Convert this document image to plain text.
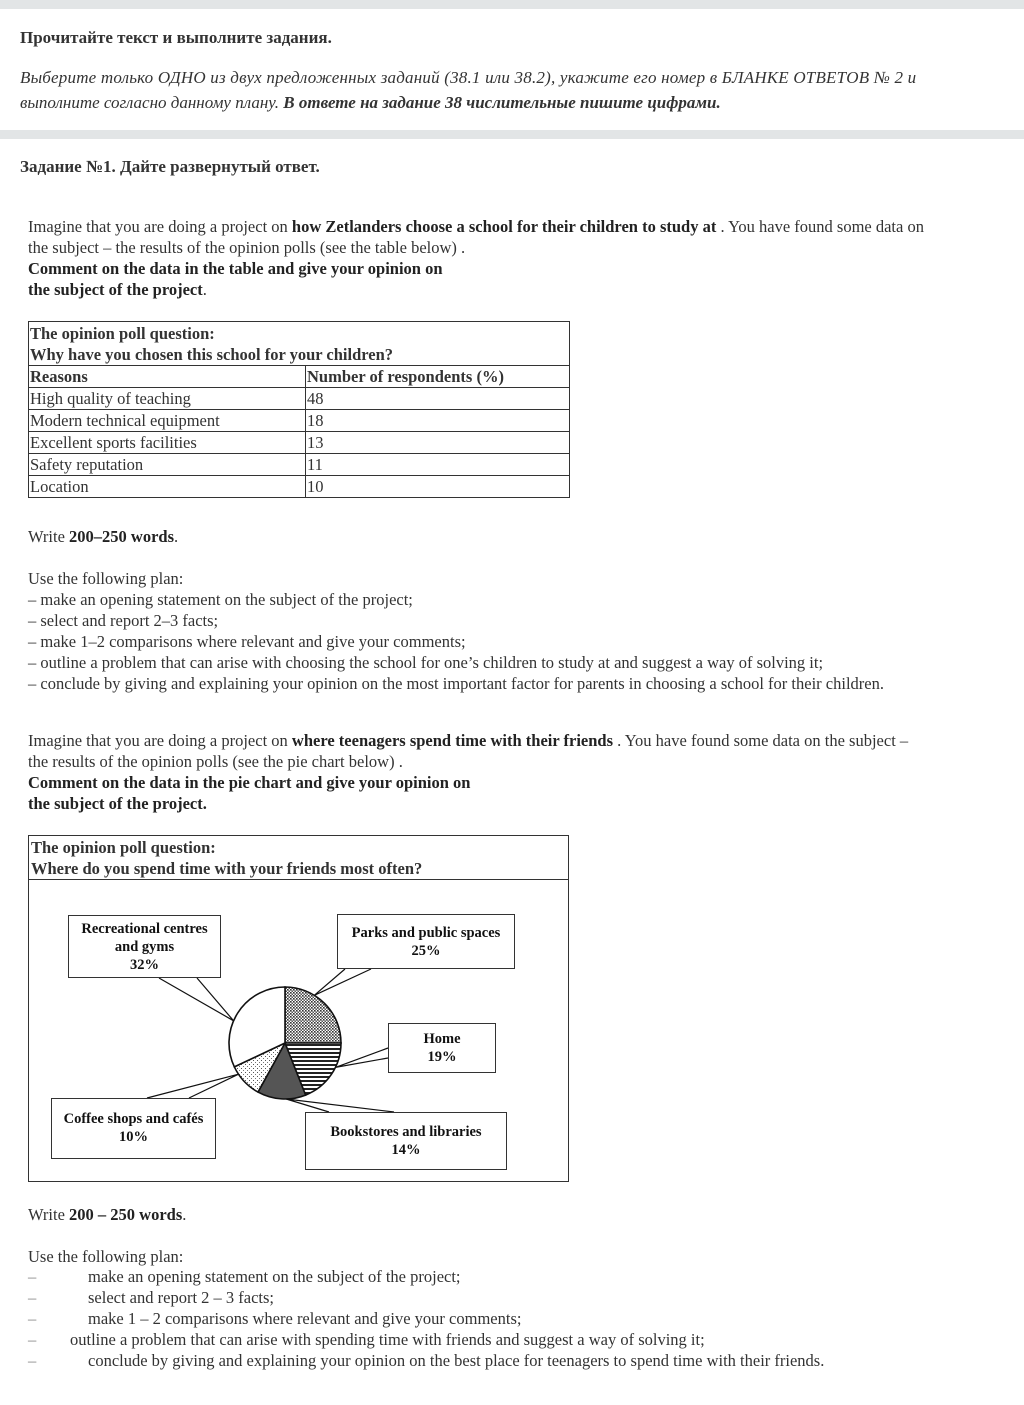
Прочитайте текст и выполните задания.
Выберите только ОДНО из двух предложенных заданий (38.1 или 38.2), укажите его номер в БЛАНКЕ ОТВЕТОВ № 2 и
выполните согласно данному плану. В ответе на задание 38 числительные пишите цифрами.
Задание №1. Дайте развернутый ответ.
Imagine that you are doing a project on how Zetlanders choose a school for their children to study at . You have found some data on
the subject – the results of the opinion polls (see the table below) .
Comment on the data in the table and give your opinion on
the subject of the project.
The opinion poll question:
Why have you chosen this school for your children?	

Reasons	Number of respondents (%)
High quality of teaching	48
Modern technical equipment	18
Excellent sports facilities	13
Safety reputation	11
Location	10
Write 200–250 words.
Use the following plan:
– make an opening statement on the subject of the project;
– select and report 2–3 facts;
– make 1–2 comparisons where relevant and give your comments;
– outline a problem that can arise with choosing the school for one’s children to study at and suggest a way of solving it;
– conclude by giving and explaining your opinion on the most important factor for parents in choosing a school for their children.
Imagine that you are doing a project on where teenagers spend time with their friends . You have found some data on the subject –
the results of the opinion polls (see the pie chart below) .
Comment on the data in the pie chart and give your opinion on
the subject of the project.
The opinion poll question:
Where do you spend time with your friends most often?
Recreational centres
and gyms
32%
Parks and public spaces
25%
Home
19%
Coffee shops and cafés
10%	Bookstores and libraries
14%
Write 200 – 250 words.
Use the following plan:
–	make an opening statement on the subject of the project;
–	select and report 2 – 3 facts;
–	make 1 – 2 comparisons where relevant and give your comments;
– outline a problem that can arise with spending time with friends and suggest a way of solving it;
–	conclude by giving and explaining your opinion on the best place for teenagers to spend time with their friends.
